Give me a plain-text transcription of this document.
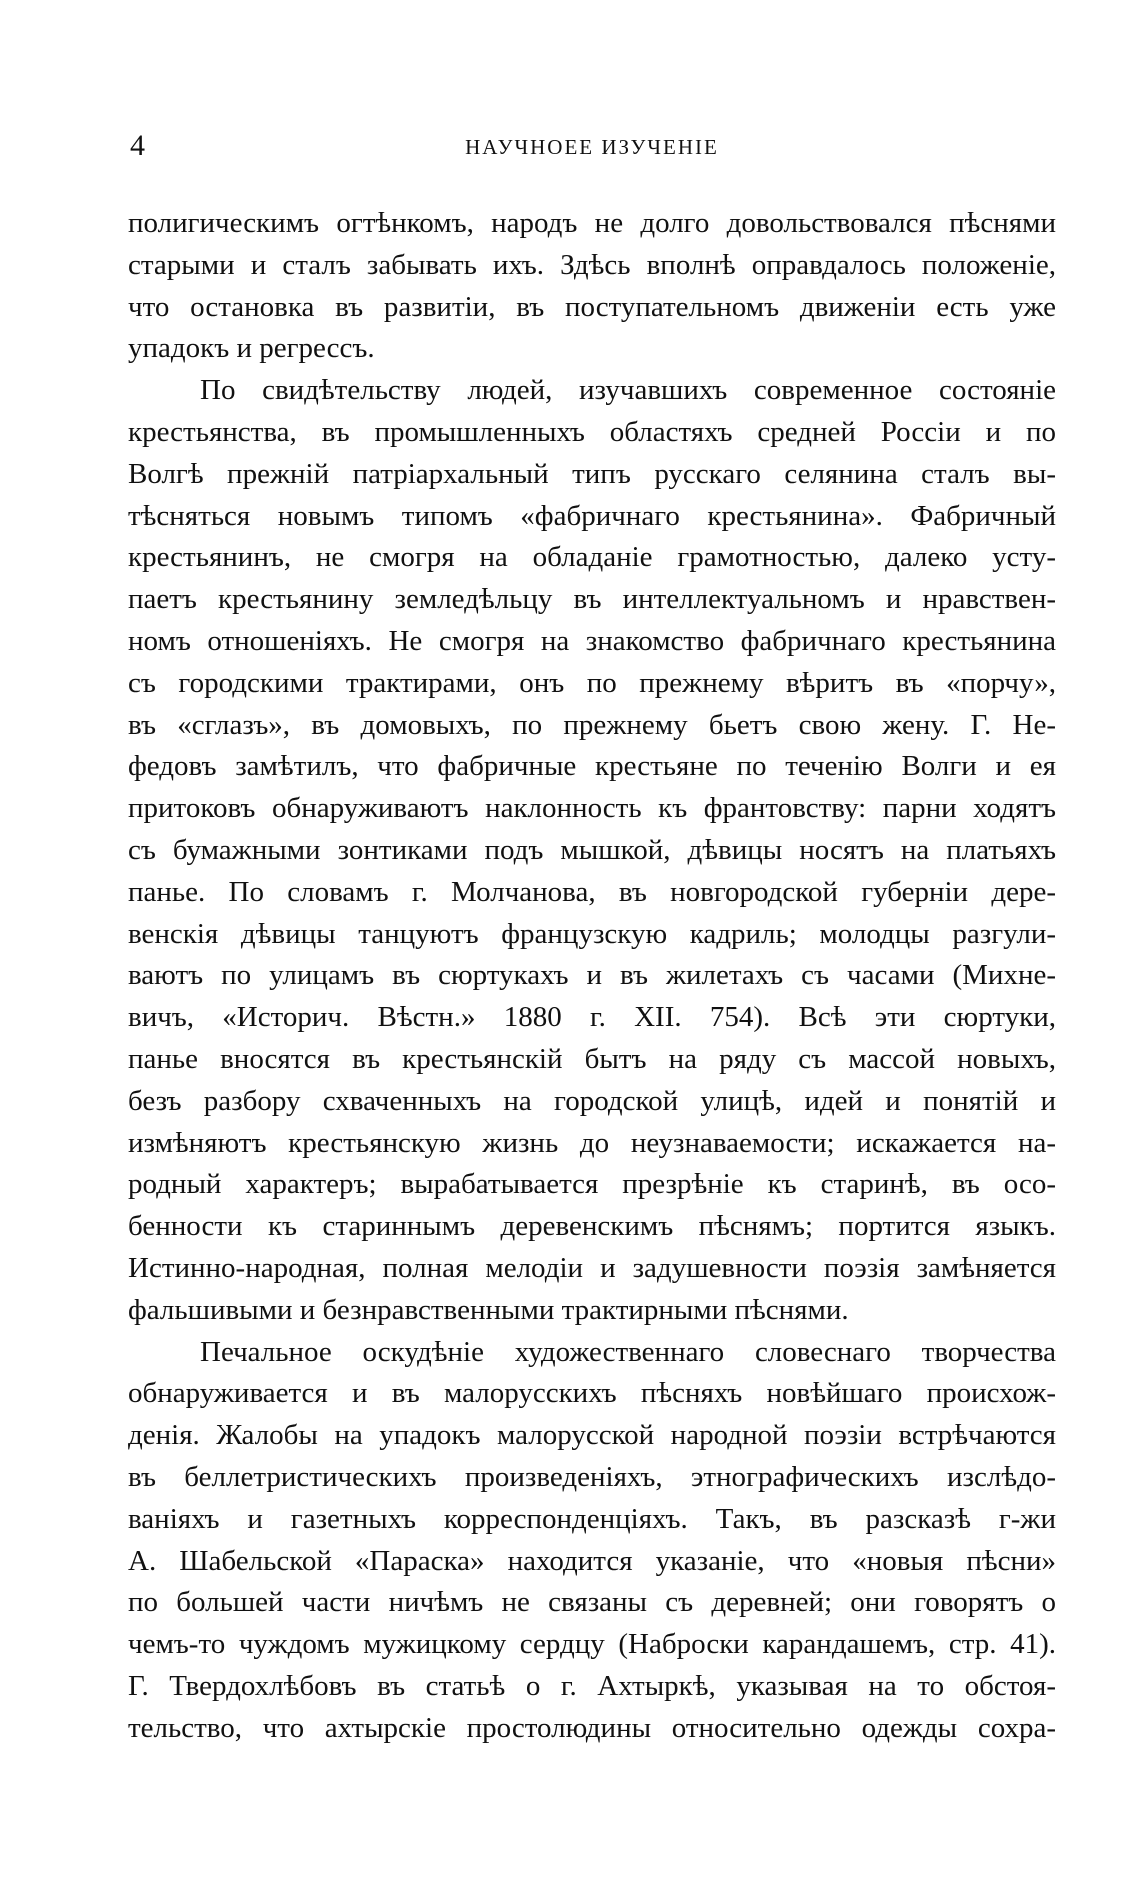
4	НАУЧНОЕЕ ИЗУЧЕНІЕ

полигическимъ огтѣнкомъ, народъ не долго довольствовался пѣснями
старыми и сталъ забывать ихъ. Здѣсь вполнѣ оправдалось положеніе,
что остановка въ развитіи, въ поступательномъ движеніи есть уже
упадокъ и регрессъ.

По свидѣтельству людей, изучавшихъ современное состояніе
крестьянства, въ промышленныхъ областяхъ средней Россіи и по
Волгѣ прежній патріархальный типъ русскаго селянина сталъ вы-
тѣсняться новымъ типомъ «фабричнаго крестьянина». Фабричный
крестьянинъ, не смогря на обладаніе грамотностью, далеко усту-
паетъ крестьянину земледѣльцу въ интеллектуальномъ и нравствен-
номъ отношеніяхъ. Не смогря на знакомство фабричнаго крестьянина
съ городскими трактирами, онъ по прежнему вѣритъ въ «порчу»,
въ «сглазъ», въ домовыхъ, по прежнему бьетъ свою жену. Г. Не-
федовъ замѣтилъ, что фабричные крестьяне по теченію Волги и ея
притоковъ обнаруживаютъ наклонность къ франтовству: парни ходятъ
съ бумажными зонтиками подъ мышкой, дѣвицы носятъ на платьяхъ
панье. По словамъ г. Молчанова, въ новгородской губерніи дере-
венскія дѣвицы танцуютъ французскую кадриль; молодцы разгули-
ваютъ по улицамъ въ сюртукахъ и въ жилетахъ съ часами (Михне-
вичъ, «Историч. Вѣстн.» 1880 г. XII. 754). Всѣ эти сюртуки,
панье вносятся въ крестьянскій бытъ на ряду съ массой новыхъ,
безъ разбору схваченныхъ на городской улицѣ, идей и понятій и
измѣняютъ крестьянскую жизнь до неузнаваемости; искажается на-
родный характеръ; вырабатывается презрѣніе къ старинѣ, въ осо-
бенности къ стариннымъ деревенскимъ пѣснямъ; портится языкъ.
Истинно-народная, полная мелодіи и задушевности поэзія замѣняется
фальшивыми и безнравственными трактирными пѣснями.

Печальное оскудѣніе художественнаго словеснаго творчества
обнаруживается и въ малорусскихъ пѣсняхъ новѣйшаго происхож-
денія. Жалобы на упадокъ малорусской народной поэзіи встрѣчаются
въ беллетристическихъ произведеніяхъ, этнографическихъ изслѣдо-
ваніяхъ и газетныхъ корреспонденціяхъ. Такъ, въ разсказѣ г-жи
А. Шабельской «Параска» находится указаніе, что «новыя пѣсни»
по большей части ничѣмъ не связаны съ деревней; они говорятъ о
чемъ-то чуждомъ мужицкому сердцу (Наброски карандашемъ, стр. 41).
Г. Твердохлѣбовъ въ статьѣ о г. Ахтыркѣ, указывая на то обстоя-
тельство, что ахтырскіе простолюдины относительно одежды сохра-
